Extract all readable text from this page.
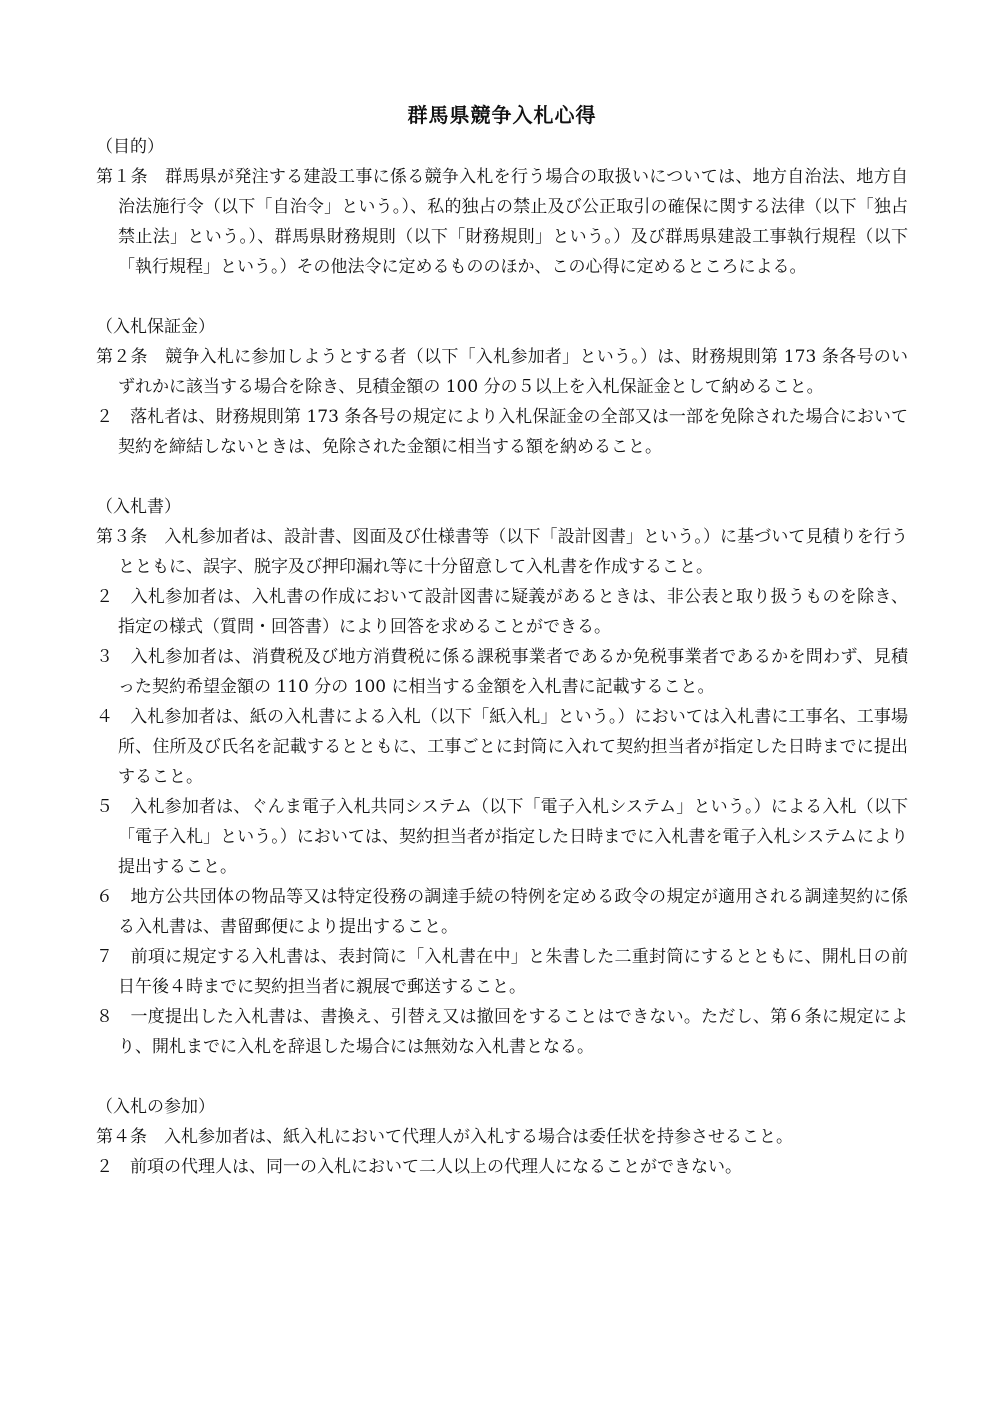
群馬県競争入札心得
（目的）

第１条　群馬県が発注する建設工事に係る競争入札を行う場合の取扱いについては、地方自治法、地方自治法施行令（以下「自治令」という。）、私的独占の禁止及び公正取引の確保に関する法律（以下「独占禁止法」という。）、群馬県財務規則（以下「財務規則」という。）及び群馬県建設工事執行規程（以下「執行規程」という。）その他法令に定めるもののほか、この心得に定めるところによる。

（入札保証金）

第２条　競争入札に参加しようとする者（以下「入札参加者」という。）は、財務規則第 173 条各号のいずれかに該当する場合を除き、見積金額の 100 分の５以上を入札保証金として納めること。

２　落札者は、財務規則第 173 条各号の規定により入札保証金の全部又は一部を免除された場合において契約を締結しないときは、免除された金額に相当する額を納めること。

（入札書）

第３条　入札参加者は、設計書、図面及び仕様書等（以下「設計図書」という。）に基づいて見積りを行うとともに、誤字、脱字及び押印漏れ等に十分留意して入札書を作成すること。

２　入札参加者は、入札書の作成において設計図書に疑義があるときは、非公表と取り扱うものを除き、指定の様式（質問・回答書）により回答を求めることができる。

３　入札参加者は、消費税及び地方消費税に係る課税事業者であるか免税事業者であるかを問わず、見積った契約希望金額の 110 分の 100 に相当する金額を入札書に記載すること。

４　入札参加者は、紙の入札書による入札（以下「紙入札」という。）においては入札書に工事名、工事場所、住所及び氏名を記載するとともに、工事ごとに封筒に入れて契約担当者が指定した日時までに提出すること。

５　入札参加者は、ぐんま電子入札共同システム（以下「電子入札システム」という。）による入札（以下「電子入札」という。）においては、契約担当者が指定した日時までに入札書を電子入札システムにより提出すること。

６　地方公共団体の物品等又は特定役務の調達手続の特例を定める政令の規定が適用される調達契約に係る入札書は、書留郵便により提出すること。

７　前項に規定する入札書は、表封筒に「入札書在中」と朱書した二重封筒にするとともに、開札日の前日午後４時までに契約担当者に親展で郵送すること。

８　一度提出した入札書は、書換え、引替え又は撤回をすることはできない。ただし、第６条に規定により、開札までに入札を辞退した場合には無効な入札書となる。

（入札の参加）

第４条　入札参加者は、紙入札において代理人が入札する場合は委任状を持参させること。

２　前項の代理人は、同一の入札において二人以上の代理人になることができない。
